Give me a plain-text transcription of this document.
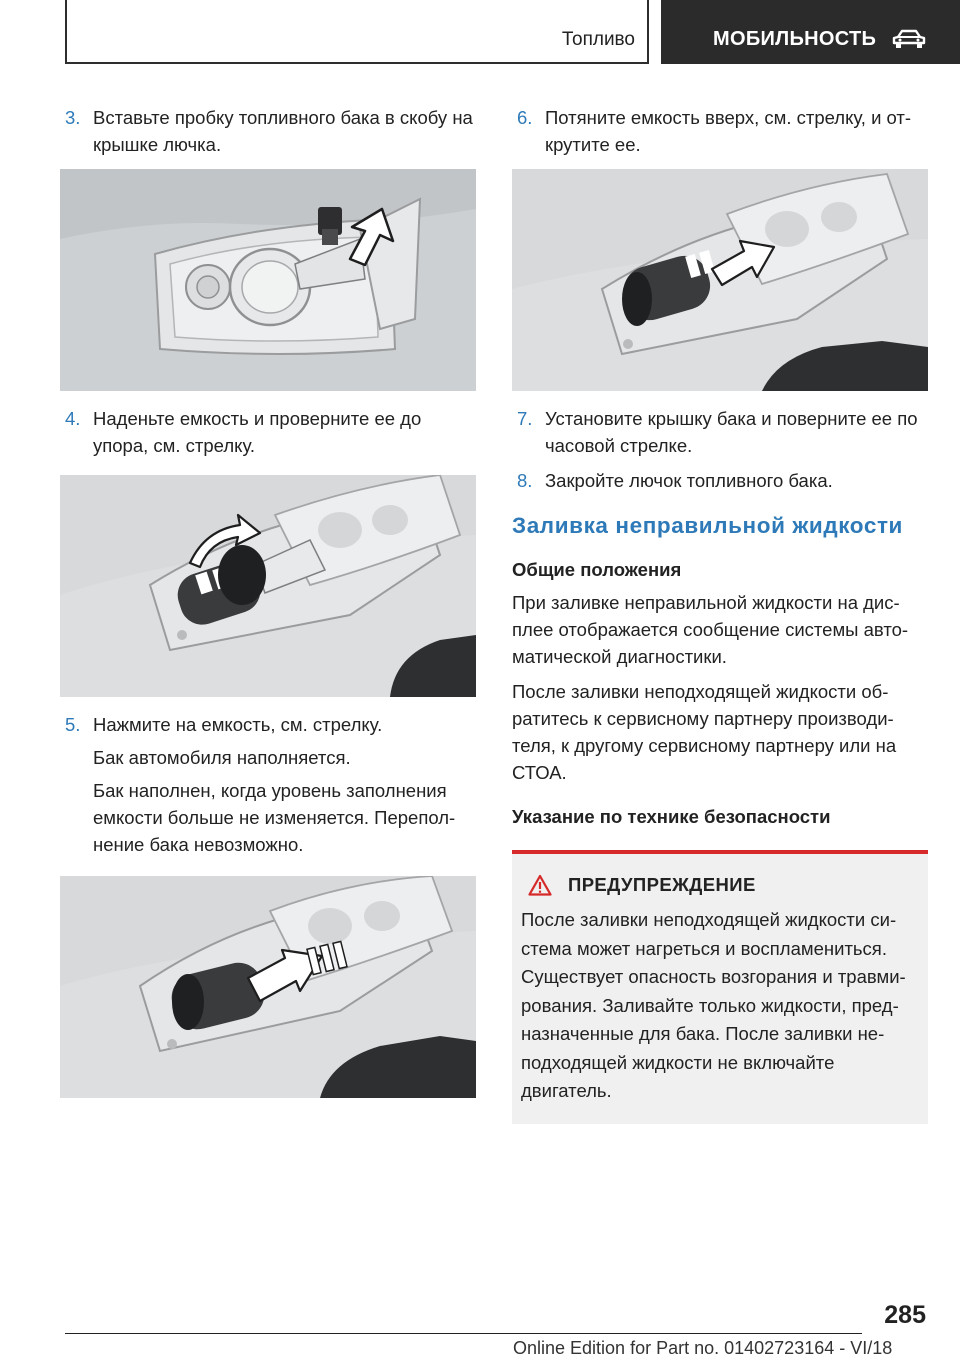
Топливо	МОБИЛЬНОСТЬ
3. Вставьте пробку топливного бака в скобу на крышке лючка.
4. Наденьте емкость и проверните ее до упора, см. стрелку.
5. Нажмите на емкость, см. стрелку.
Бак автомобиля наполняется.
Бак наполнен, когда уровень заполнения емкости больше не изменяется. Переполнение бака невозможно.
6. Потяните емкость вверх, см. стрелку, и открутите ее.
7. Установите крышку бака и поверните ее по часовой стрелке.
8. Закройте лючок топливного бака.
Заливка неправильной жидкости
Общие положения
При заливке неправильной жидкости на дисплее отображается сообщение системы автоматической диагностики.
После заливки неподходящей жидкости обратитесь к сервисному партнеру производителя, к другому сервисному партнеру или на СТОА.
Указание по технике безопасности
ПРЕДУПРЕЖДЕНИЕ
После заливки неподходящей жидкости система может нагреться и воспламениться. Существует опасность возгорания и травмирования. Заливайте только жидкости, предназначенные для бака. После заливки неподходящей жидкости не включайте двигатель.
285
Online Edition for Part no. 01402723164 - VI/18
